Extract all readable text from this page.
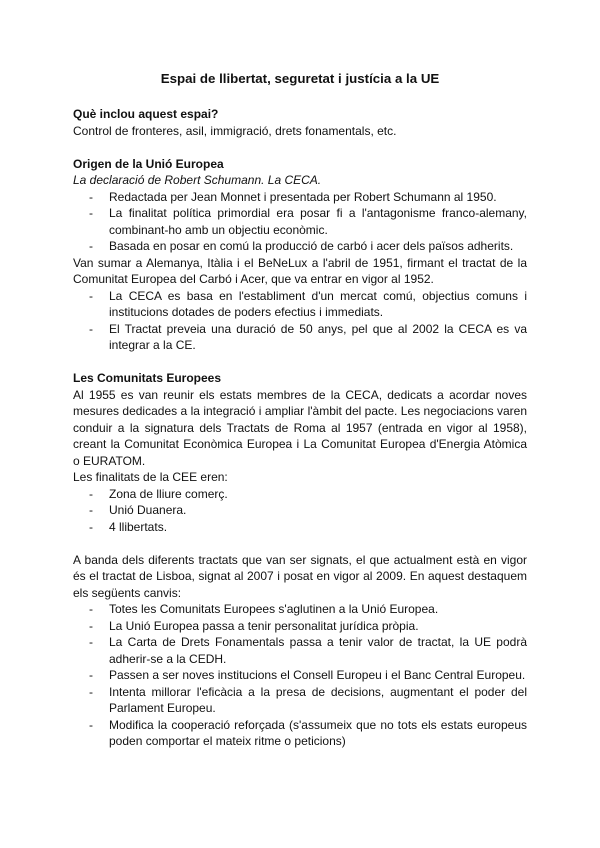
Espai de llibertat, seguretat i justícia a la UE
Què inclou aquest espai?

Control de fronteres, asil, immigració, drets fonamentals, etc.

Origen de la Unió Europea

La declaració de Robert Schumann. La CECA.

- Redactada per Jean Monnet i presentada per Robert Schumann al 1950.
- La finalitat política primordial era posar fi a l'antagonisme franco-alemany, combinant-ho amb un objectiu econòmic.
- Basada en posar en comú la producció de carbó i acer dels països adherits.

Van sumar a Alemanya, Itàlia i el BeNeLux a l'abril de 1951, firmant el tractat de la Comunitat Europea del Carbó i Acer, que va entrar en vigor al 1952.

- La CECA es basa en l'establiment d'un mercat comú, objectius comuns i institucions dotades de poders efectius i immediats.
- El Tractat preveia una duració de 50 anys, pel que al 2002 la CECA es va integrar a la CE.
Les Comunitats Europees

Al 1955 es van reunir els estats membres de la CECA, dedicats a acordar noves mesures dedicades a la integració i ampliar l'àmbit del pacte. Les negociacions varen conduir a la signatura dels Tractats de Roma al 1957 (entrada en vigor al 1958), creant la Comunitat Econòmica Europea i La Comunitat Europea d'Energia Atòmica o EURATOM.

Les finalitats de la CEE eren:

- Zona de lliure comerç.
- Unió Duanera.
- 4 llibertats.

A banda dels diferents tractats que van ser signats, el que actualment està en vigor és el tractat de Lisboa, signat al 2007 i posat en vigor al 2009. En aquest destaquem els següents canvis:

- Totes les Comunitats Europees s'aglutinen a la Unió Europea.
- La Unió Europea passa a tenir personalitat jurídica pròpia.
- La Carta de Drets Fonamentals passa a tenir valor de tractat, la UE podrà adherir-se a la CEDH.
- Passen a ser noves institucions el Consell Europeu i el Banc Central Europeu.
- Intenta millorar l'eficàcia a la presa de decisions, augmentant el poder del Parlament Europeu.
- Modifica la cooperació reforçada (s'assumeix que no tots els estats europeus poden comportar el mateix ritme o peticions)
